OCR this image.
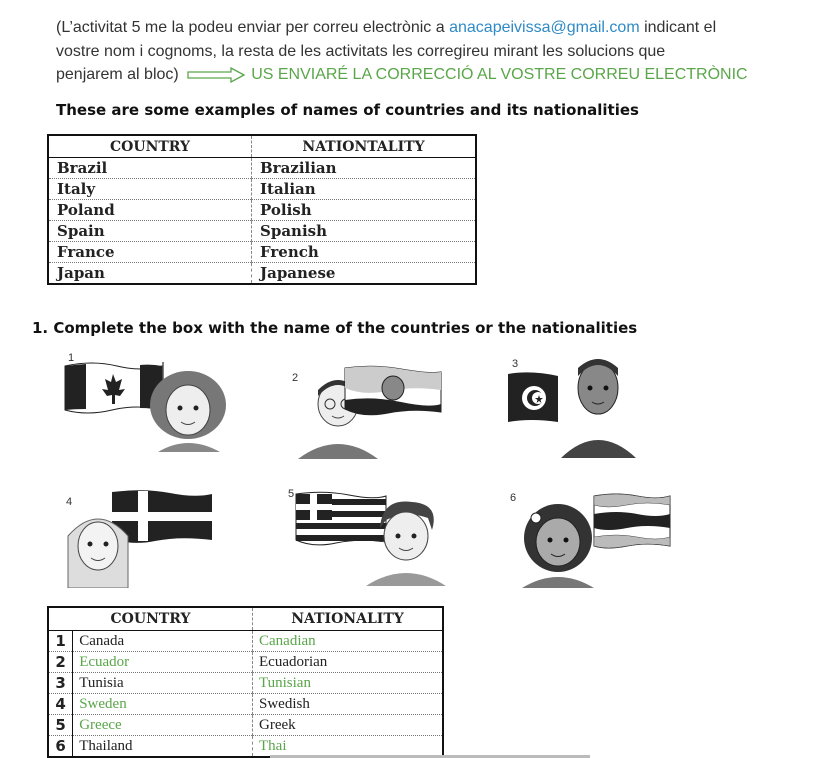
(L’activitat 5 me la podeu enviar per correu electrònic a anacapeivissa@gmail.com indicant el
vostre nom i cognoms, la resta de les activitats les corregireu mirant les solucions que
penjarem al bloc)	US ENVIARÉ LA CORRECCIÓ AL VOSTRE CORREU ELECTRÒNIC
These are some examples of names of countries and its nationalities
COUNTRY	NATIONTALITY
Brazil	Brazilian
Italy	Italian
Poland	Polish
Spain	Spanish
France	French
Japan	Japanese
1. Complete the box with the name of the countries or the nationalities
1
2
3
4
5	6
COUNTRY		NATIONALITY
1	Canada	Canadian
2	Ecuador	Ecuadorian
3	Tunisia	Tunisian
4	Sweden	Swedish
5	Greece	Greek
6	Thailand	Thai
